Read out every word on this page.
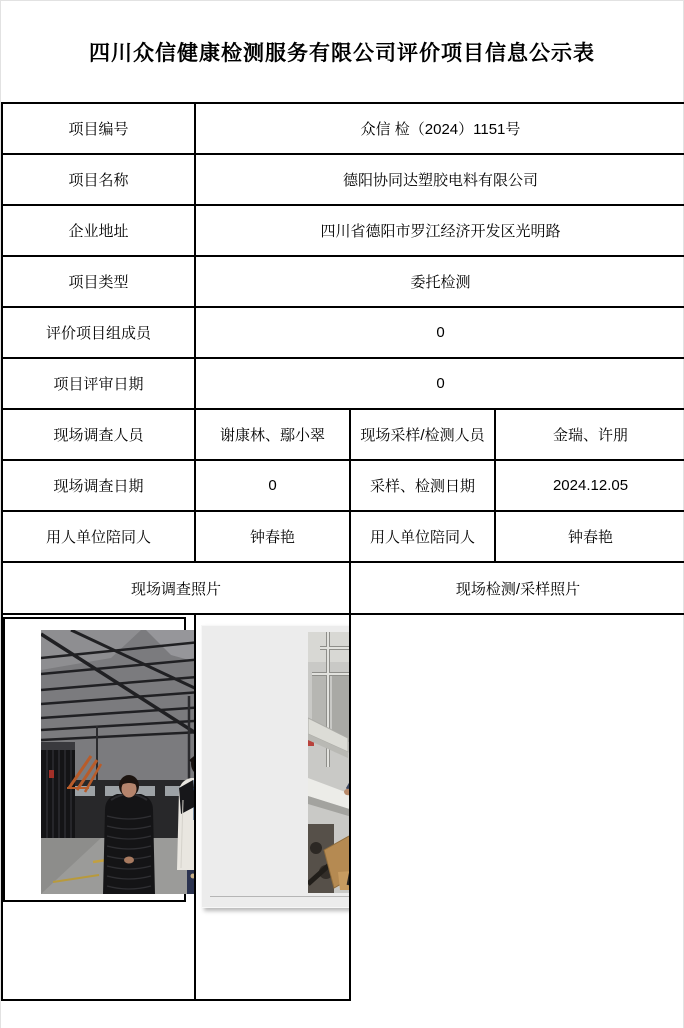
四川众信健康检测服务有限公司评价项目信息公示表
项目编号	众信 检（2024）1151号		
项目名称	德阳协同达塑胶电料有限公司		
企业地址	四川省德阳市罗江经济开发区光明路		
项目类型	委托检测		
评价项目组成员	0		
项目评审日期	0		
现场调查人员	谢康林、鄢小翠	现场采样/检测人员	金瑞、许朋
现场调查日期	0	采样、检测日期	2024.12.05
用人单位陪同人	钟春艳	用人单位陪同人	钟春艳
现场调查照片		现场检测/采样照片	
